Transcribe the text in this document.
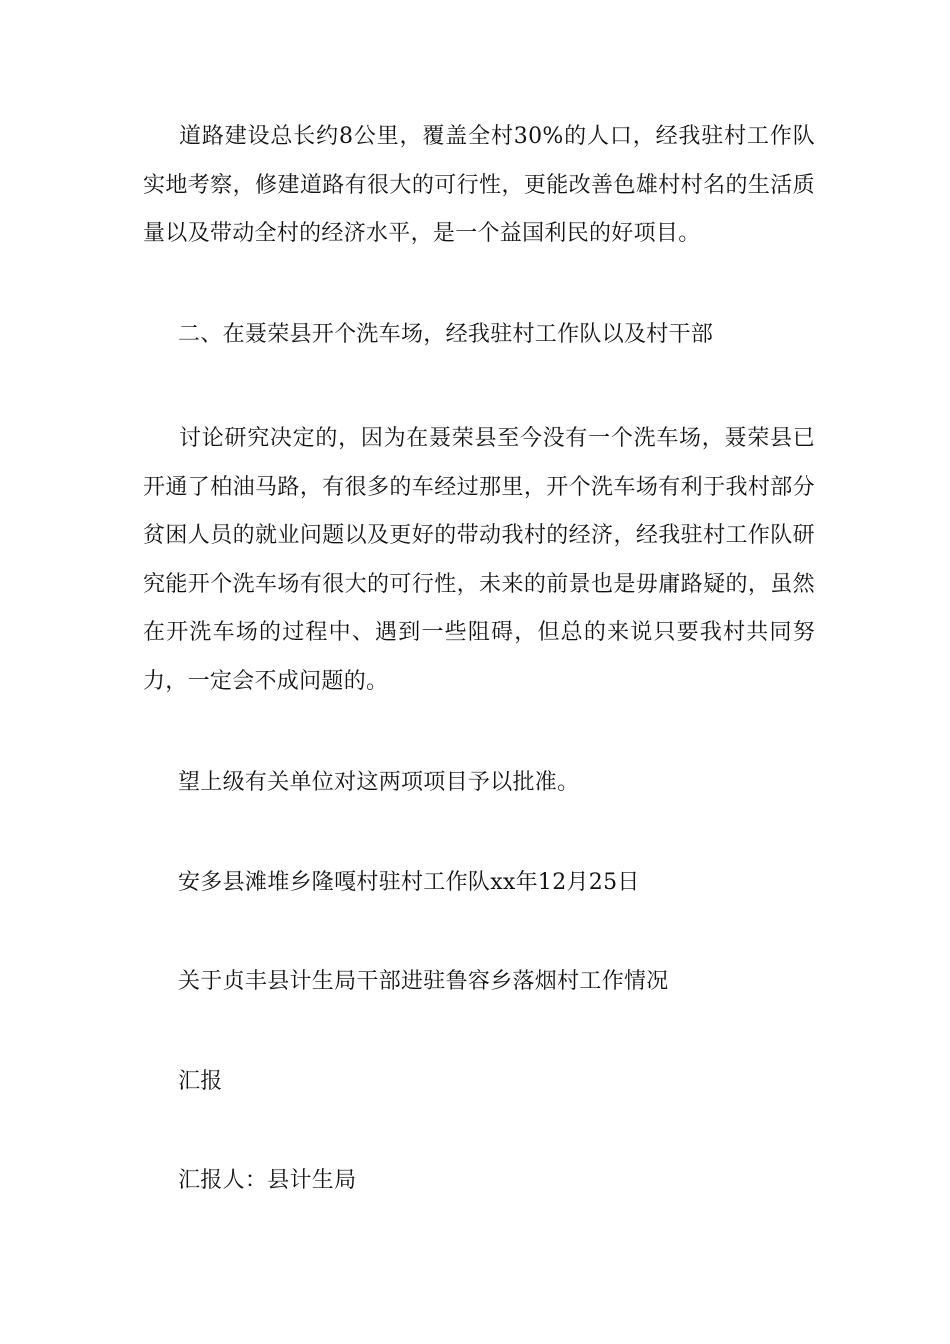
道路建设总长约8公里，覆盖全村30%的人口，经我驻村工作队实地考察，修建道路有很大的可行性，更能改善色雄村村名的生活质量以及带动全村的经济水平，是一个益国利民的好项目。

二、在聂荣县开个洗车场，经我驻村工作队以及村干部

讨论研究决定的，因为在聂荣县至今没有一个洗车场，聂荣县已开通了柏油马路，有很多的车经过那里，开个洗车场有利于我村部分贫困人员的就业问题以及更好的带动我村的经济，经我驻村工作队研究能开个洗车场有很大的可行性，未来的前景也是毋庸路疑的，虽然在开洗车场的过程中、遇到一些阻碍，但总的来说只要我村共同努力，一定会不成问题的。

望上级有关单位对这两项项目予以批准。

安多县滩堆乡隆嘎村驻村工作队xx年12月25日

关于贞丰县计生局干部进驻鲁容乡落烟村工作情况

汇报

汇报人：县计生局
